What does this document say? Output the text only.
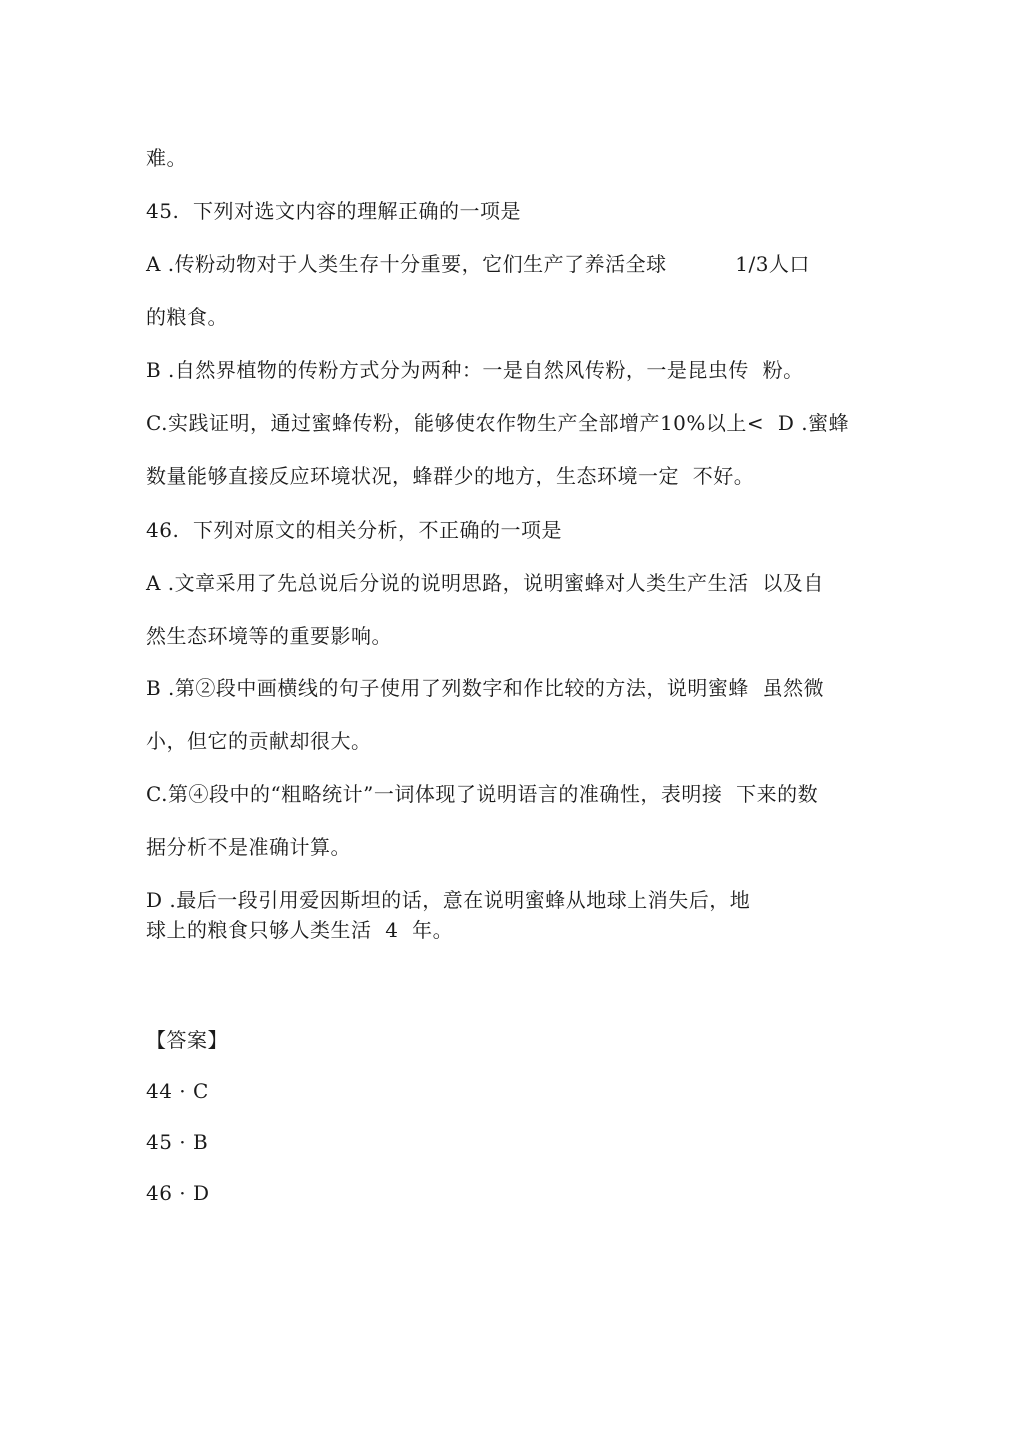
难。
45.  下列对选文内容的理解正确的一项是
A .传粉动物对于人类生存十分重要，它们生产了养活全球          1/3人口
的粮食。
B .自然界植物的传粉方式分为两种：一是自然风传粉，一是昆虫传  粉。
C.实践证明，通过蜜蜂传粉，能够使农作物生产全部增产10%以上<  D .蜜蜂
数量能够直接反应环境状况，蜂群少的地方，生态环境一定  不好。
46.  下列对原文的相关分析，不正确的一项是
A .文章采用了先总说后分说的说明思路，说明蜜蜂对人类生产生活  以及自
然生态环境等的重要影响。
B .第②段中画横线的句子使用了列数字和作比较的方法，说明蜜蜂  虽然微
小，但它的贡献却很大。
C.第④段中的“粗略统计”一词体现了说明语言的准确性，表明接  下来的数
据分析不是准确计算。
D .最后一段引用爱因斯坦的话，意在说明蜜蜂从地球上消失后，地
球上的粮食只够人类生活  4  年。
【答案】
44 · C
45 · B
46 · D
